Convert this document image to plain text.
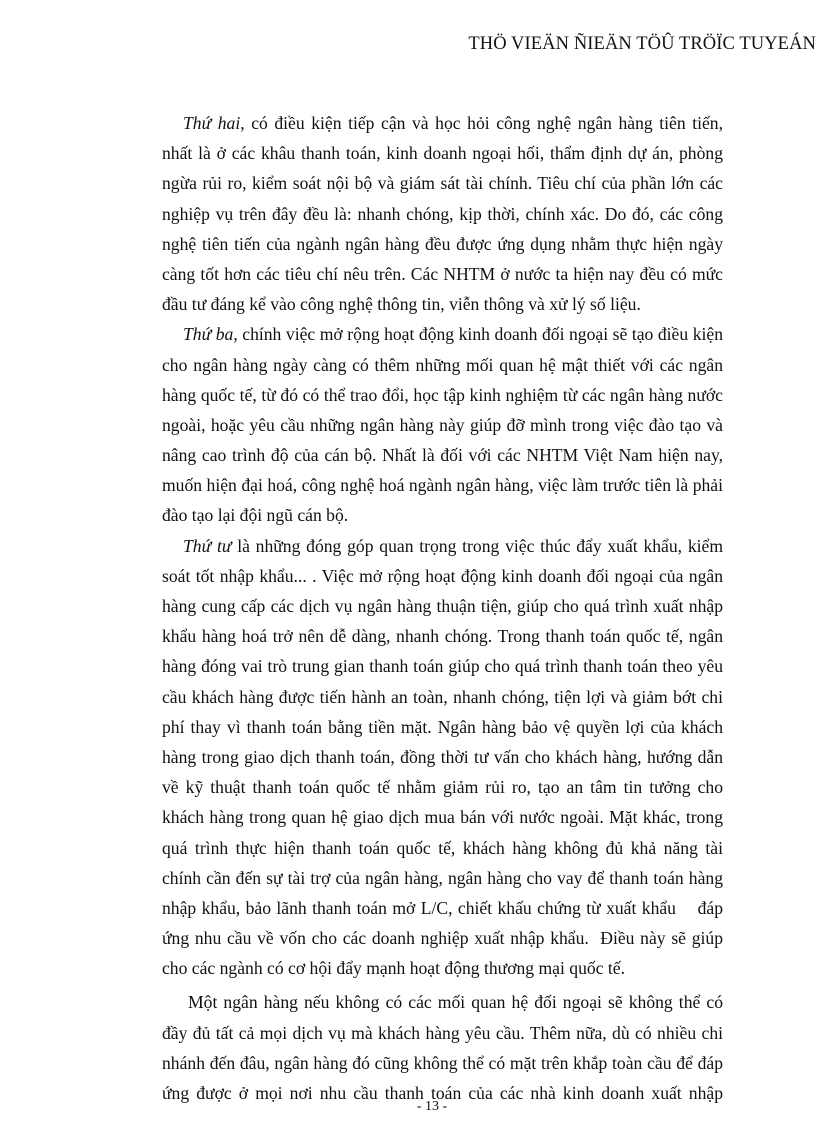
THÖ VIEÄN ÑIEÄN TÖÛ TRÖÏC TUYEÁN
Thứ hai, có điều kiện tiếp cận và học hỏi công nghệ ngân hàng tiên tiến,
nhất là ở các khâu thanh toán, kinh doanh ngoại hối, thẩm định dự án, phòng
ngừa rủi ro, kiểm soát nội bộ và giám sát tài chính. Tiêu chí của phần lớn các
nghiệp vụ trên đây đều là: nhanh chóng, kịp thời, chính xác. Do đó, các công
nghệ tiên tiến của ngành ngân hàng đều được ứng dụng nhằm thực hiện ngày
càng tốt hơn các tiêu chí nêu trên. Các NHTM ở nước ta hiện nay đều có mức
đầu tư đáng kể vào công nghệ thông tin, viễn thông và xử lý số liệu.
Thứ ba, chính việc mở rộng hoạt động kinh doanh đối ngoại sẽ tạo điều kiện
cho ngân hàng ngày càng có thêm những mối quan hệ mật thiết với các ngân
hàng quốc tế, từ đó có thể trao đổi, học tập kinh nghiệm từ các ngân hàng nước
ngoài, hoặc yêu cầu những ngân hàng này giúp đỡ mình trong việc đào tạo và
nâng cao trình độ của cán bộ. Nhất là đối với các NHTM Việt Nam hiện nay,
muốn hiện đại hoá, công nghệ hoá ngành ngân hàng, việc làm trước tiên là phải
đào tạo lại đội ngũ cán bộ.
Thứ tư là những đóng góp quan trọng trong việc thúc đẩy xuất khẩu, kiểm
soát tốt nhập khẩu... . Việc mở rộng hoạt động kinh doanh đối ngoại của ngân
hàng cung cấp các dịch vụ ngân hàng thuận tiện, giúp cho quá trình xuất nhập
khẩu hàng hoá trở nên dễ dàng, nhanh chóng. Trong thanh toán quốc tế, ngân
hàng đóng vai trò trung gian thanh toán giúp cho quá trình thanh toán theo yêu
cầu khách hàng được tiến hành an toàn, nhanh chóng, tiện lợi và giảm bớt chi
phí thay vì thanh toán bằng tiền mặt. Ngân hàng bảo vệ quyền lợi của khách
hàng trong giao dịch thanh toán, đồng thời tư vấn cho khách hàng, hướng dẫn
về kỹ thuật thanh toán quốc tế nhằm giảm rủi ro, tạo an tâm tin tưởng cho
khách hàng trong quan hệ giao dịch mua bán với nước ngoài. Mặt khác, trong
quá trình thực hiện thanh toán quốc tế, khách hàng không đủ khả năng tài
chính cần đến sự tài trợ của ngân hàng, ngân hàng cho vay để thanh toán hàng
nhập khẩu, bảo lãnh thanh toán mở L/C, chiết khấu chứng từ xuất khẩu    đáp
ứng nhu cầu về vốn cho các doanh nghiệp xuất nhập khẩu.  Điều này sẽ giúp
cho các ngành có cơ hội đẩy mạnh hoạt động thương mại quốc tế.
Một ngân hàng nếu không có các mối quan hệ đối ngoại sẽ không thể có
đầy đủ tất cả mọi dịch vụ mà khách hàng yêu cầu. Thêm nữa, dù có nhiều chi
nhánh đến đâu, ngân hàng đó cũng không thể có mặt trên khắp toàn cầu để đáp
ứng được ở mọi nơi nhu cầu thanh toán của các nhà kinh doanh xuất nhập
- 13 -
